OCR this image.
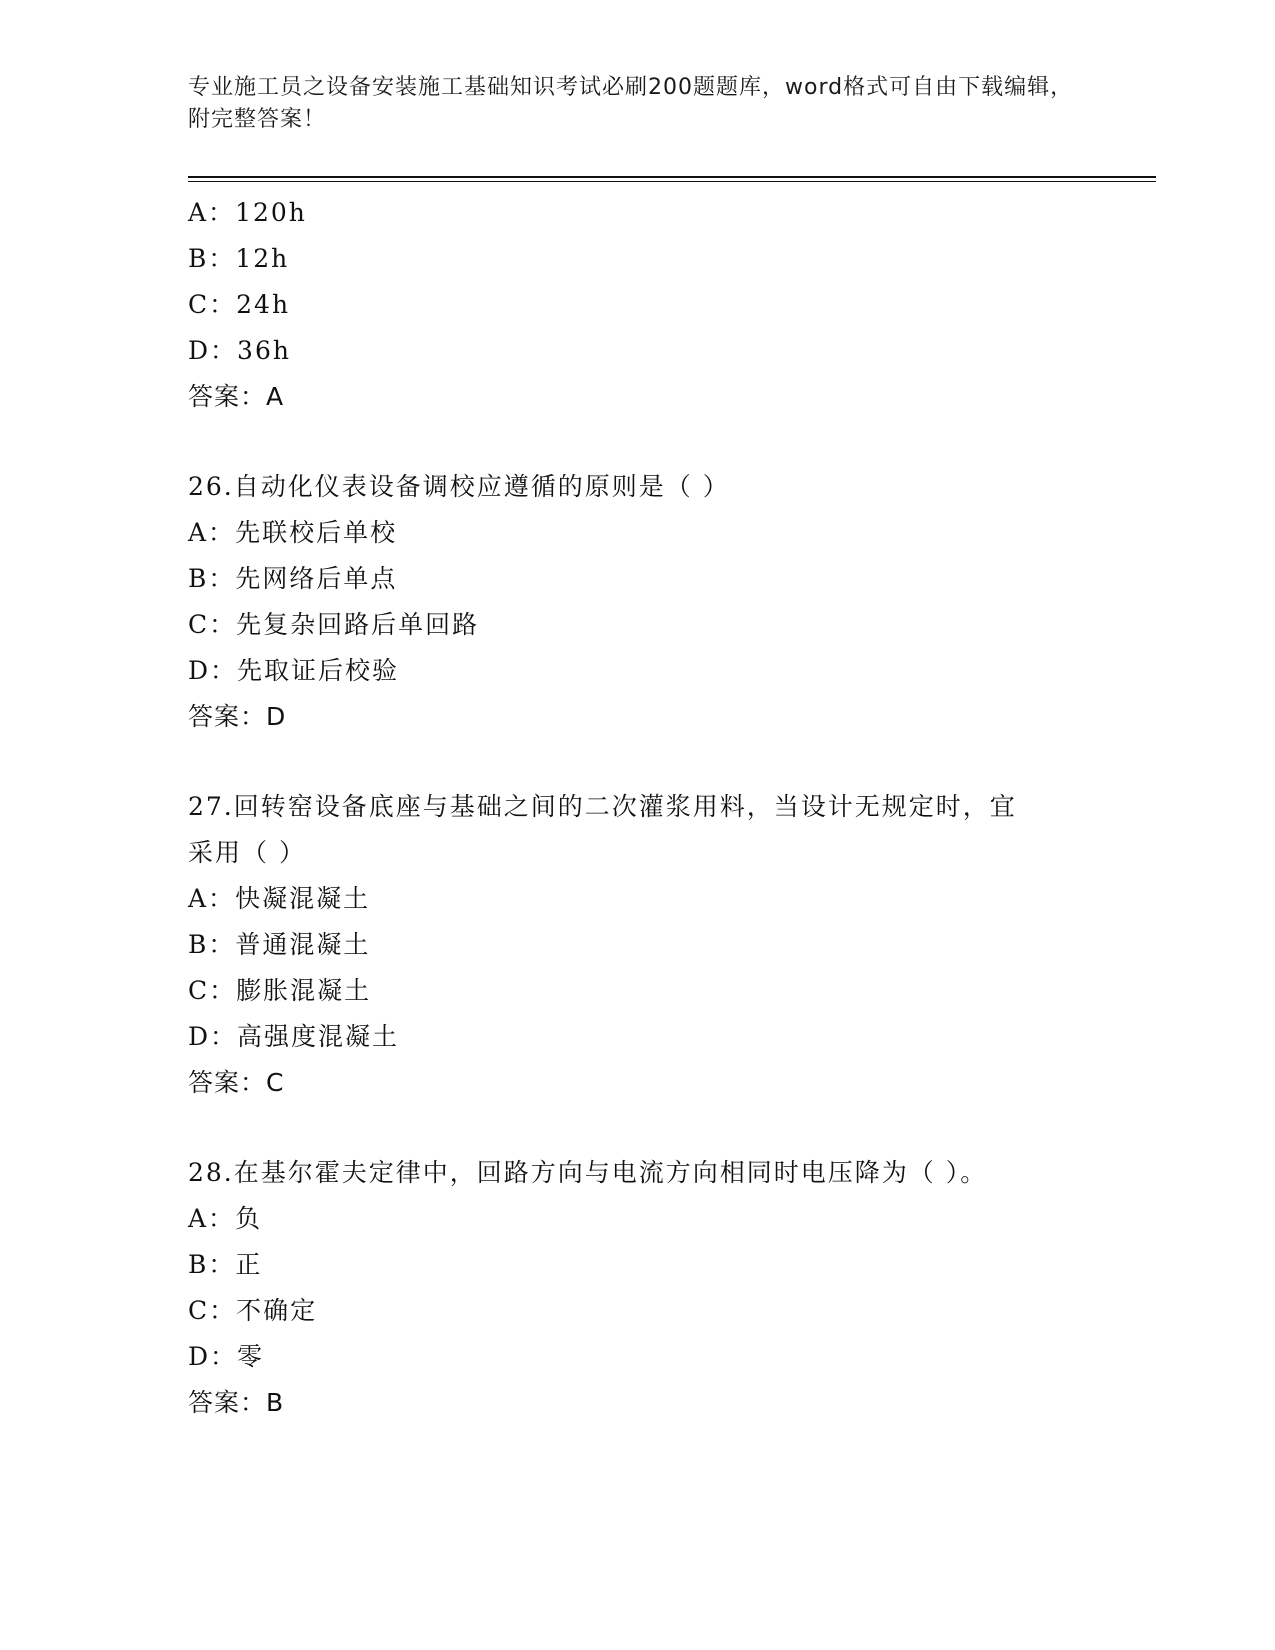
专业施工员之设备安装施工基础知识考试必刷200题题库，word格式可自由下载编辑，附完整答案！
A：120h
B：12h
C：24h
D：36h
答案：A
26.自动化仪表设备调校应遵循的原则是（ ）
A：先联校后单校
B：先网络后单点
C：先复杂回路后单回路
D：先取证后校验
答案：D
27.回转窑设备底座与基础之间的二次灌浆用料，当设计无规定时，宜
采用（ ）
A：快凝混凝土
B：普通混凝土
C：膨胀混凝土
D：高强度混凝土
答案：C
28.在基尔霍夫定律中，回路方向与电流方向相同时电压降为（ ）。
A：负
B：正
C：不确定
D：零
答案：B
